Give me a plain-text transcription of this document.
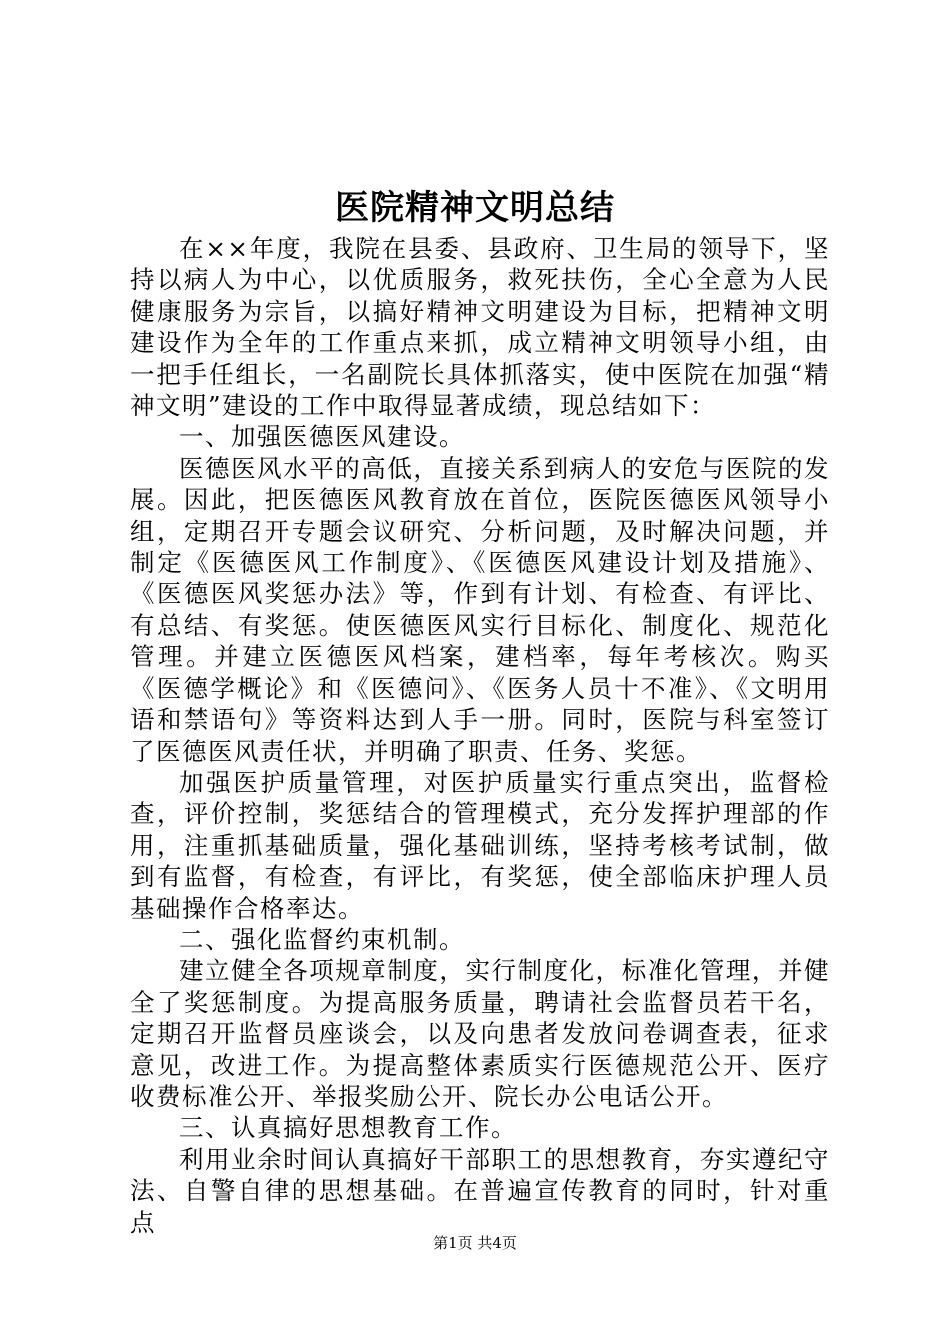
医院精神文明总结

在××年度，我院在县委、县政府、卫生局的领导下，坚持以病人为中心，以优质服务，救死扶伤，全心全意为人民健康服务为宗旨，以搞好精神文明建设为目标，把精神文明建设作为全年的工作重点来抓，成立精神文明领导小组，由一把手任组长，一名副院长具体抓落实，使中医院在加强“精神文明”建设的工作中取得显著成绩，现总结如下：

一、加强医德医风建设。

医德医风水平的高低，直接关系到病人的安危与医院的发展。因此，把医德医风教育放在首位，医院医德医风领导小组，定期召开专题会议研究、分析问题，及时解决问题，并制定《医德医风工作制度》、《医德医风建设计划及措施》、《医德医风奖惩办法》等，作到有计划、有检查、有评比、有总结、有奖惩。使医德医风实行目标化、制度化、规范化管理。并建立医德医风档案，建档率，每年考核次。购买《医德学概论》和《医德问》、《医务人员十不准》、《文明用语和禁语句》等资料达到人手一册。同时，医院与科室签订了医德医风责任状，并明确了职责、任务、奖惩。

加强医护质量管理，对医护质量实行重点突出，监督检查，评价控制，奖惩结合的管理模式，充分发挥护理部的作用，注重抓基础质量，强化基础训练，坚持考核考试制，做到有监督，有检查，有评比，有奖惩，使全部临床护理人员基础操作合格率达。

二、强化监督约束机制。

建立健全各项规章制度，实行制度化，标准化管理，并健全了奖惩制度。为提高服务质量，聘请社会监督员若干名，定期召开监督员座谈会，以及向患者发放问卷调查表，征求意见，改进工作。为提高整体素质实行医德规范公开、医疗收费标准公开、举报奖励公开、院长办公电话公开。

三、认真搞好思想教育工作。

利用业余时间认真搞好干部职工的思想教育，夯实遵纪守法、自警自律的思想基础。在普遍宣传教育的同时，针对重点

第1页 共4页
